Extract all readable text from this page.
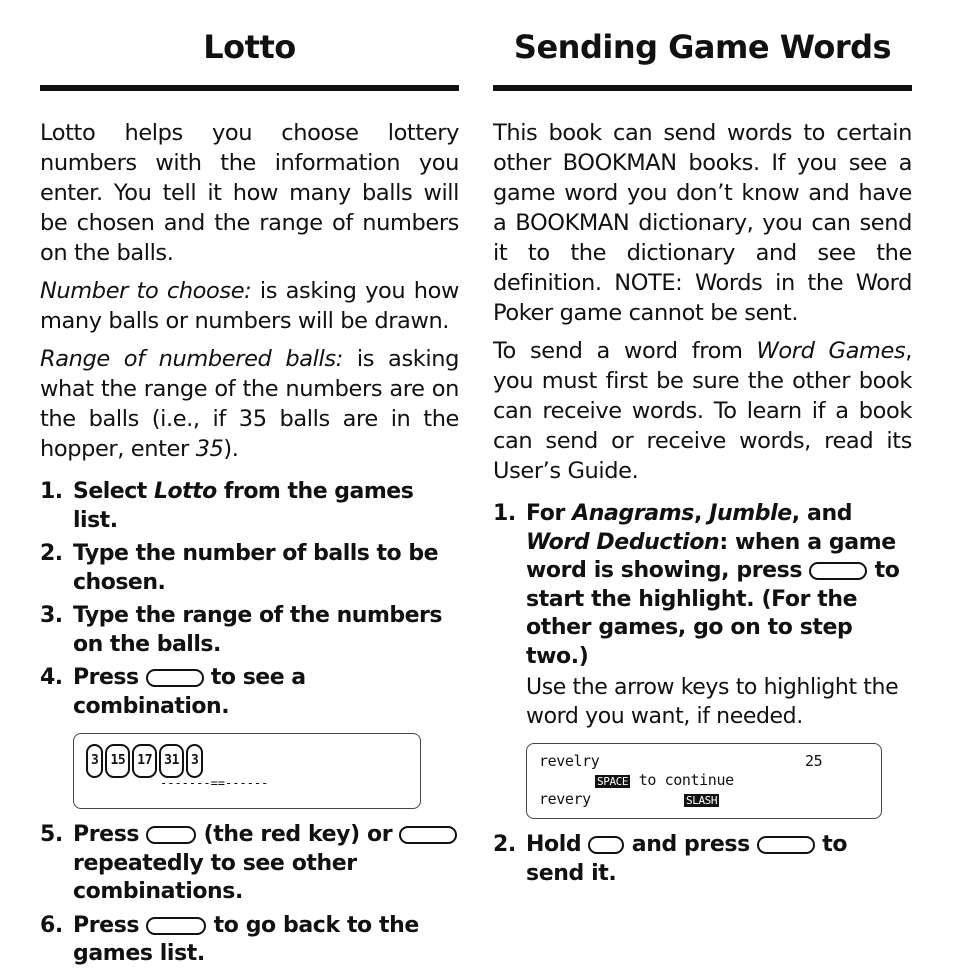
Lotto

Lotto helps you choose lottery numbers with the information you enter. You tell it how many balls will be chosen and the range of numbers on the balls.

Number to choose: is asking you how many balls or numbers will be drawn.

Range of numbered balls: is asking what the range of the numbers are on the balls (i.e., if 35 balls are in the hopper, enter 35).

1. Select Lotto from the games list.
2. Type the number of balls to be chosen.
3. Type the range of the numbers on the balls.
4. Press	to see a combination.
3 15 17 31 3
-------==------
5. Press  (the red key) or  repeatedly to see other combinations.
6. Press	to go back to the games list.
Sending Game Words

This book can send words to certain other BOOKMAN books. If you see a game word you don’t know and have a BOOKMAN dictionary, you can send it to the dictionary and see the definition. NOTE: Words in the Word Poker game cannot be sent.

To send a word from Word Games, you must first be sure the other book can receive words. To learn if a book can send or receive words, read its User’s Guide.

1. For Anagrams, Jumble, and Word Deduction: when a game word is showing, press	to start the highlight. (For the other games, go on to step two.)
Use the arrow keys to highlight the word you want, if needed.
revelry	25
SPACE to continue
revery	SLASH
2. Hold  and press	to send it.
